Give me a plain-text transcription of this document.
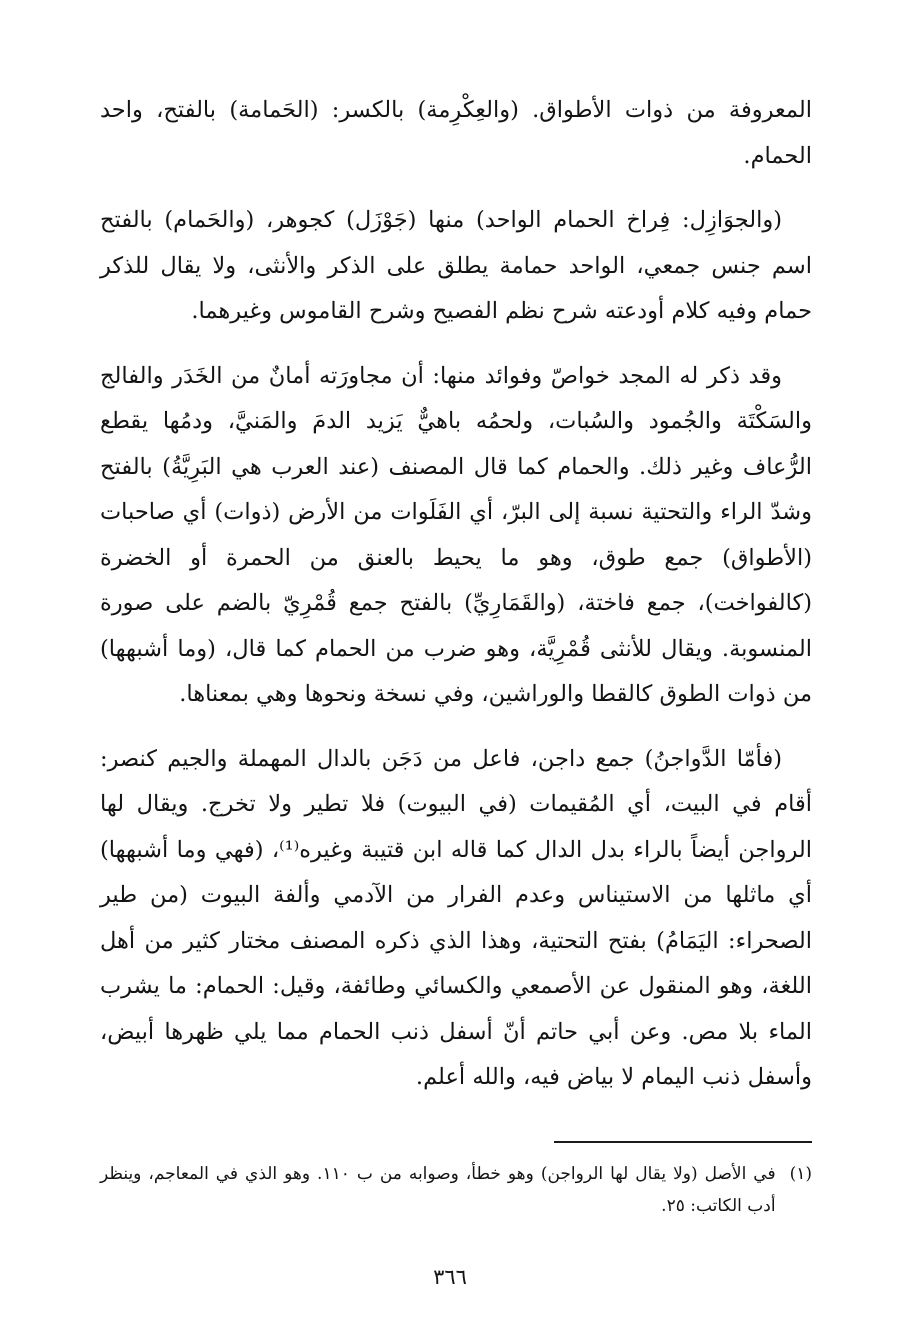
المعروفة من ذوات الأطواق. (والعِكْرِمة) بالكسر: (الحَمامة) بالفتح، واحد الحمام.

(والجوَازِل: فِراخ الحمام الواحد) منها (جَوْزَل) كجوهر، (والحَمام) بالفتح اسم جنس جمعي، الواحد حمامة يطلق على الذكر والأنثى، ولا يقال للذكر حمام وفيه كلام أودعته شرح نظم الفصيح وشرح القاموس وغيرهما.

وقد ذكر له المجد خواصّ وفوائد منها: أن مجاورَته أمانٌ من الخَدَر والفالج والسَكْتَة والجُمود والسُبات، ولحمُه باهيٌّ يَزيد الدمَ والمَنيَّ، ودمُها يقطع الرُّعاف وغير ذلك. والحمام كما قال المصنف (عند العرب هي البَرِيَّةُ) بالفتح وشدّ الراء والتحتية نسبة إلى البرّ، أي الفَلَوات من الأرض (ذوات) أي صاحبات (الأطواق) جمع طوق، وهو ما يحيط بالعنق من الحمرة أو الخضرة (كالفواخت)، جمع فاختة، (والقَمَارِيِّ) بالفتح جمع قُمْرِيّ بالضم على صورة المنسوبة. ويقال للأنثى قُمْرِيَّة، وهو ضرب من الحمام كما قال، (وما أشبهها) من ذوات الطوق كالقطا والوراشين، وفي نسخة ونحوها وهي بمعناها.

(فأمّا الدَّواجنُ) جمع داجن، فاعل من دَجَن بالدال المهملة والجيم كنصر: أقام في البيت، أي المُقيمات (في البيوت) فلا تطير ولا تخرج. ويقال لها الرواجن أيضاً بالراء بدل الدال كما قاله ابن قتيبة وغيره⁽¹⁾، (فهي وما أشبهها) أي ماثلها من الاستيناس وعدم الفرار من الآدمي وألفة البيوت (من طير الصحراء: اليَمَامُ) بفتح التحتية، وهذا الذي ذكره المصنف مختار كثير من أهل اللغة، وهو المنقول عن الأصمعي والكسائي وطائفة، وقيل: الحمام: ما يشرب الماء بلا مص. وعن أبي حاتم أنّ أسفل ذنب الحمام مما يلي ظهرها أبيض، وأسفل ذنب اليمام لا بياض فيه، والله أعلم.

(١)
في الأصل (ولا يقال لها الرواجن) وهو خطأ، وصوابه من ب ١١٠. وهو الذي في المعاجم، وينظر أدب الكاتب: ٢٥.
٣٦٦
